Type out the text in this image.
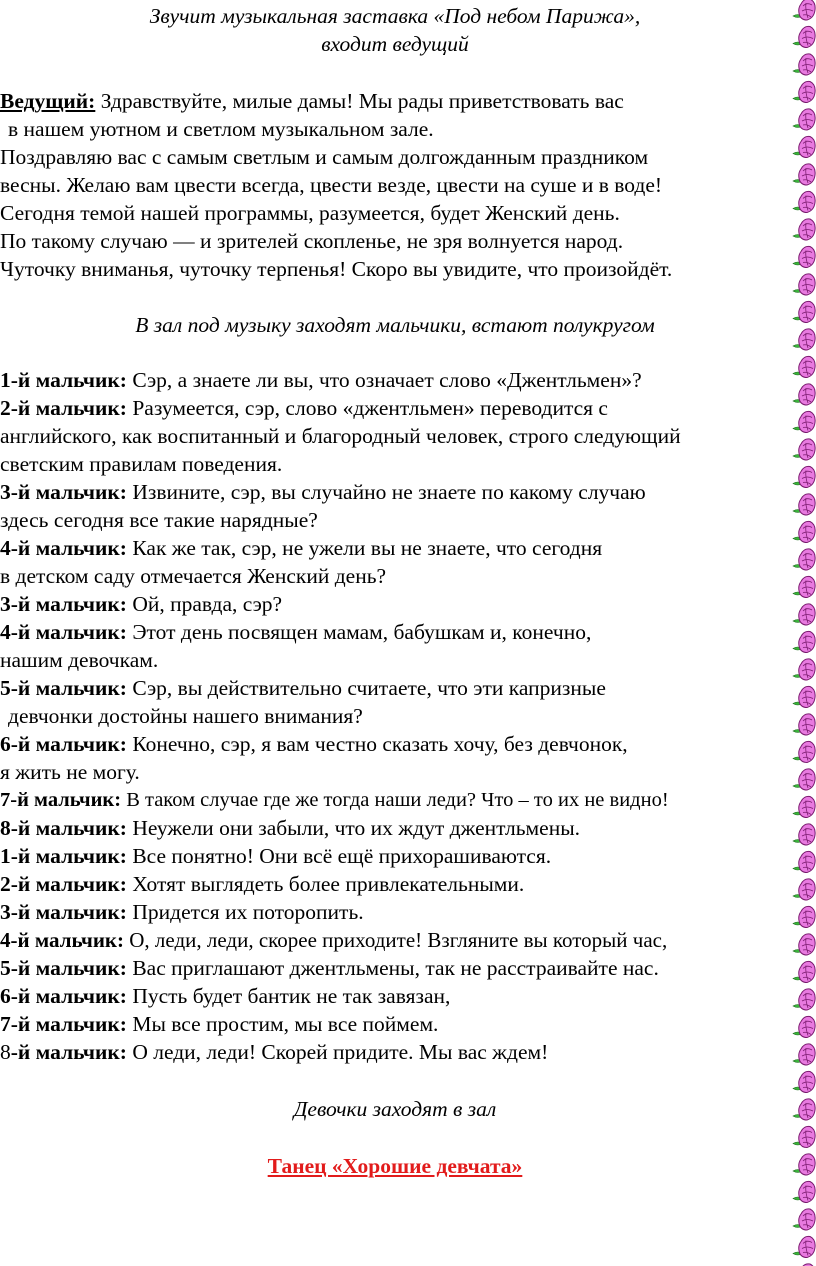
Звучит музыкальная заставка «Под небом Парижа»,
входит ведущий
Ведущий: Здравствуйте, милые дамы! Мы рады приветствовать вас
в нашем уютном и светлом музыкальном зале.
Поздравляю вас с самым светлым и самым долгожданным праздником
весны. Желаю вам цвести всегда, цвести везде, цвести на суше и в воде!
Сегодня темой нашей программы, разумеется, будет Женский день.
По такому случаю — и зрителей скопленье, не зря волнуется народ.
Чуточку вниманья, чуточку терпенья! Скоро вы увидите, что произойдёт.
В зал под музыку заходят мальчики, встают полукругом
1-й мальчик: Сэр, а знаете ли вы, что означает слово «Джентльмен»?
2-й мальчик: Разумеется, сэр, слово «джентльмен» переводится с
английского, как воспитанный и благородный человек, строго следующий
светским правилам поведения.
3-й мальчик: Извините, сэр, вы случайно не знаете по какому случаю
здесь сегодня все такие нарядные?
4-й мальчик: Как же так, сэр, не ужели вы не знаете, что сегодня
в детском саду отмечается Женский день?
3-й мальчик: Ой, правда, сэр?
4-й мальчик: Этот день посвящен мамам, бабушкам и, конечно,
нашим девочкам.
5-й мальчик: Сэр, вы действительно считаете, что эти капризные
девчонки достойны нашего внимания?
6-й мальчик: Конечно, сэр, я вам честно сказать хочу, без девчонок,
я жить не могу.
7-й мальчик: В таком случае где же тогда наши леди? Что – то их не видно!
8-й мальчик: Неужели они забыли, что их ждут джентльмены.
1-й мальчик: Все понятно! Они всё ещё прихорашиваются.
2-й мальчик: Хотят выглядеть более привлекательными.
3-й мальчик: Придется их поторопить.
4-й мальчик: О, леди, леди, скорее приходите! Взгляните вы который час,
5-й мальчик: Вас приглашают джентльмены, так не расстраивайте нас.
6-й мальчик: Пусть будет бантик не так завязан,
7-й мальчик: Мы все простим, мы все поймем.
8-й мальчик: О леди, леди! Скорей придите. Мы вас ждем!
Девочки заходят в зал
Танец «Хорошие девчата»
